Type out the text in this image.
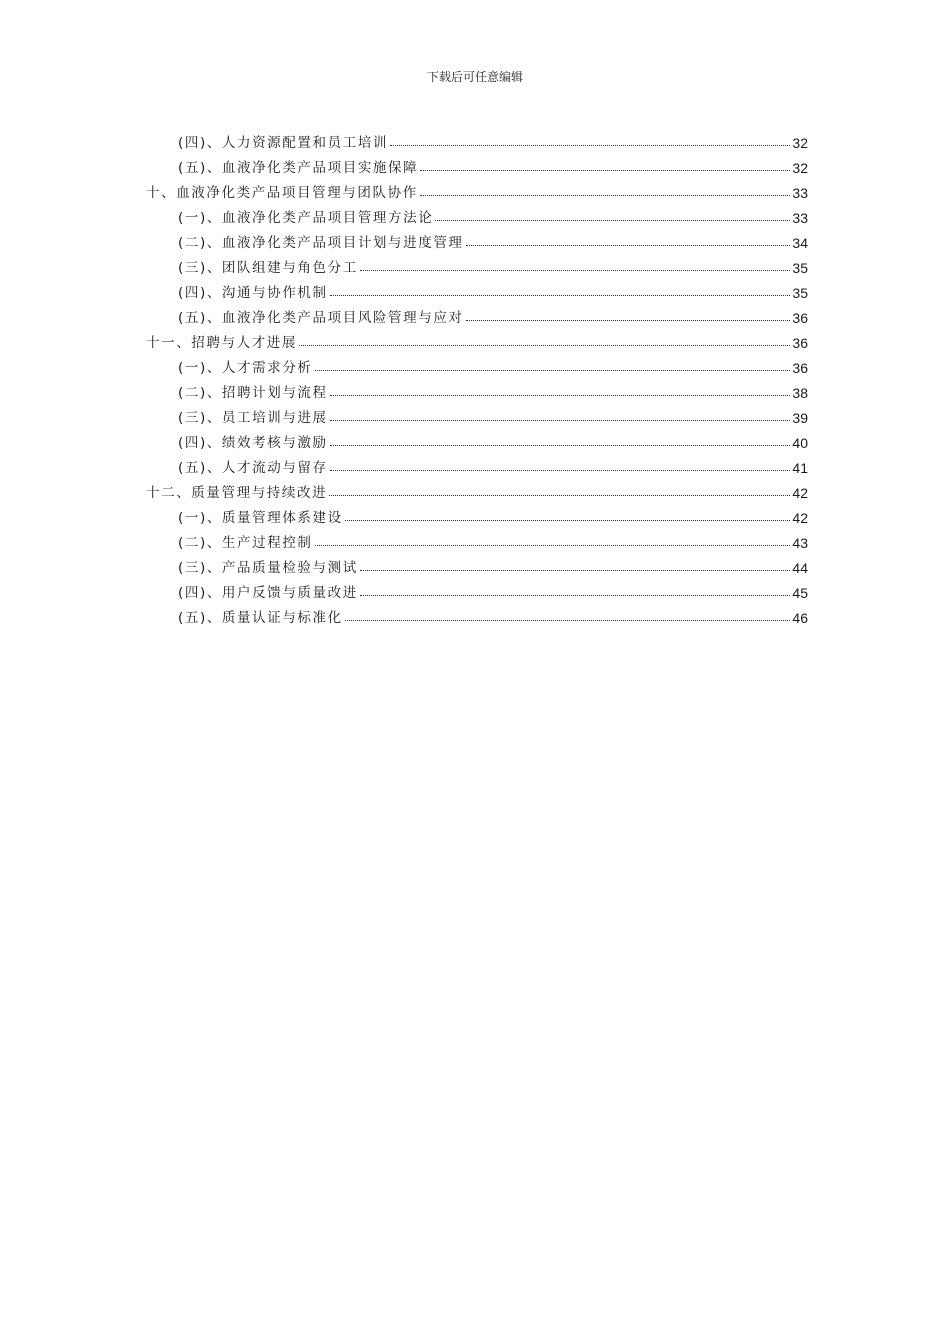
下载后可任意编辑
(四)、人力资源配置和员工培训	32
(五)、血液净化类产品项目实施保障	32
十、血液净化类产品项目管理与团队协作	33
(一)、血液净化类产品项目管理方法论	33
(二)、血液净化类产品项目计划与进度管理	34
(三)、团队组建与角色分工	35
(四)、沟通与协作机制	35
(五)、血液净化类产品项目风险管理与应对	36
十一、招聘与人才进展	36
(一)、人才需求分析	36
(二)、招聘计划与流程	38
(三)、员工培训与进展	39
(四)、绩效考核与激励	40
(五)、人才流动与留存	41
十二、质量管理与持续改进	42
(一)、质量管理体系建设	42
(二)、生产过程控制	43
(三)、产品质量检验与测试	44
(四)、用户反馈与质量改进	45
(五)、质量认证与标准化	46
